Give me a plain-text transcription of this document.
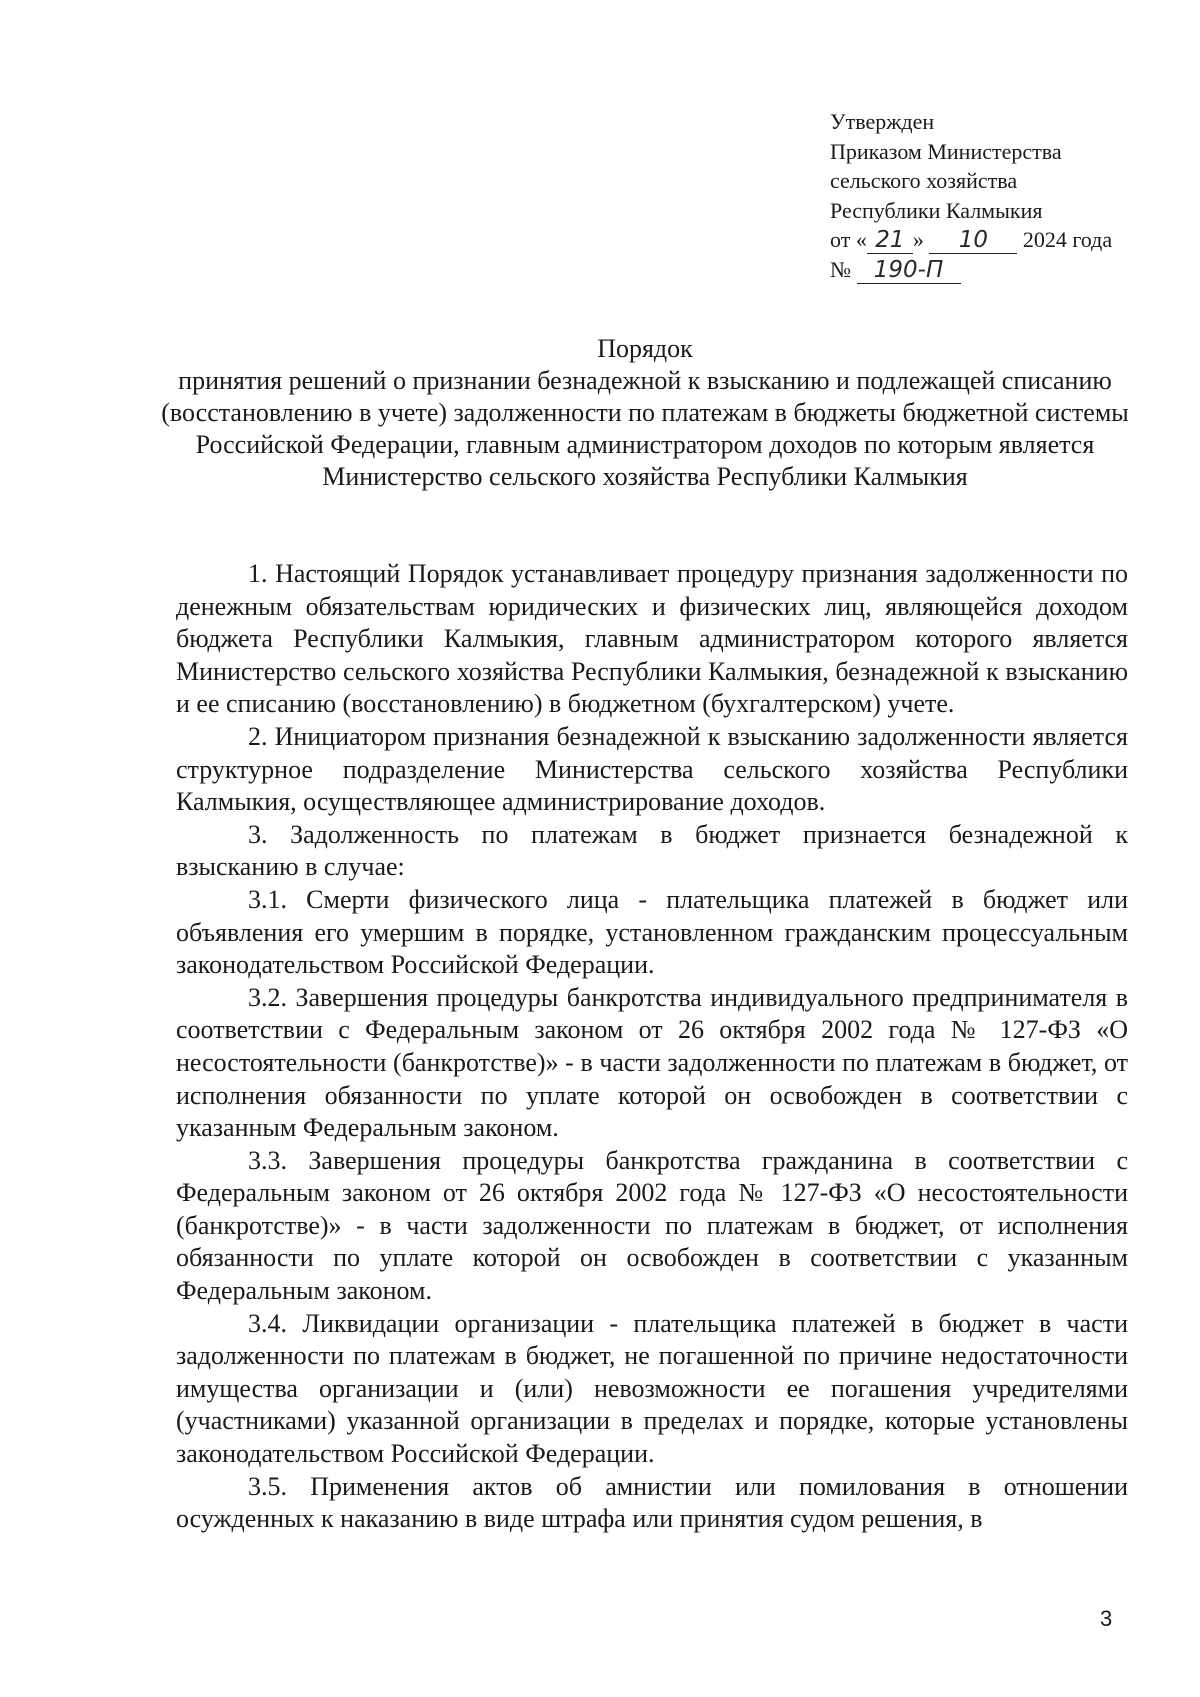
Утвержден
Приказом Министерства
сельского хозяйства
Республики Калмыкия
от « 21 » 10 2024 года
№ 190-П
Порядок
принятия решений о признании безнадежной к взысканию и подлежащей списанию (восстановлению в учете) задолженности по платежам в бюджеты бюджетной системы Российской Федерации, главным администратором доходов по которым является Министерство сельского хозяйства Республики Калмыкия

1. Настоящий Порядок устанавливает процедуру признания задолженности по денежным обязательствам юридических и физических лиц, являющейся доходом бюджета Республики Калмыкия, главным администратором которого является Министерство сельского хозяйства Республики Калмыкия, безнадежной к взысканию и ее списанию (восстановлению) в бюджетном (бухгалтерском) учете.

2. Инициатором признания безнадежной к взысканию задолженности является структурное подразделение Министерства сельского хозяйства Республики Калмыкия, осуществляющее администрирование доходов.

3. Задолженность по платежам в бюджет признается безнадежной к взысканию в случае:

3.1. Смерти физического лица - плательщика платежей в бюджет или объявления его умершим в порядке, установленном гражданским процессуальным законодательством Российской Федерации.

3.2. Завершения процедуры банкротства индивидуального предпринимателя в соответствии с Федеральным законом от 26 октября 2002 года № 127-ФЗ «О несостоятельности (банкротстве)» - в части задолженности по платежам в бюджет, от исполнения обязанности по уплате которой он освобожден в соответствии с указанным Федеральным законом.

3.3. Завершения процедуры банкротства гражданина в соответствии с Федеральным законом от 26 октября 2002 года № 127-ФЗ «О несостоятельности (банкротстве)» - в части задолженности по платежам в бюджет, от исполнения обязанности по уплате которой он освобожден в соответствии с указанным Федеральным законом.

3.4. Ликвидации организации - плательщика платежей в бюджет в части задолженности по платежам в бюджет, не погашенной по причине недостаточности имущества организации и (или) невозможности ее погашения учредителями (участниками) указанной организации в пределах и порядке, которые установлены законодательством Российской Федерации.

3.5. Применения актов об амнистии или помилования в отношении осужденных к наказанию в виде штрафа или принятия судом решения, в

3
